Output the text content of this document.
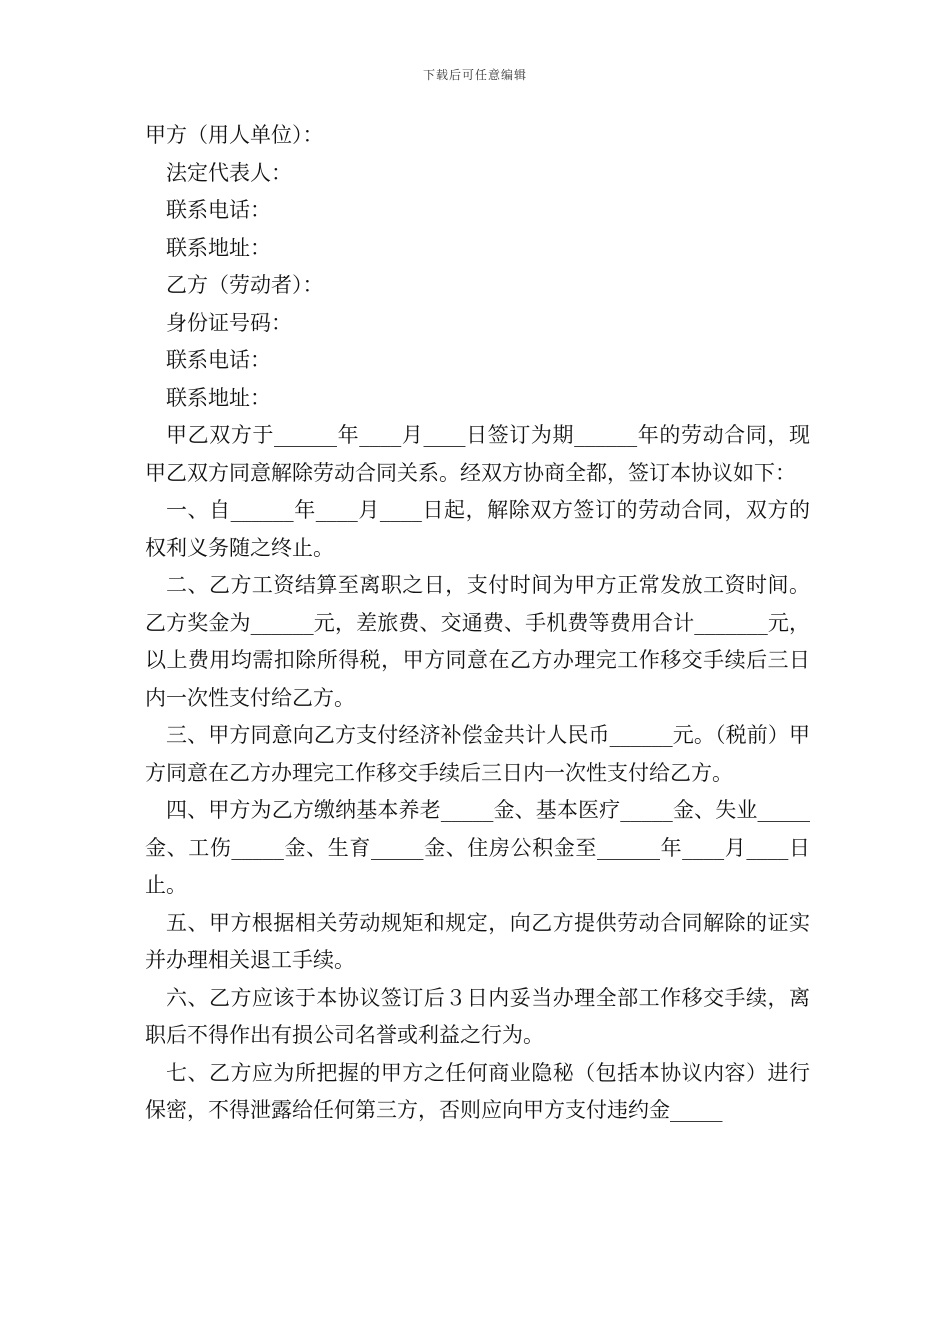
下载后可任意编辑

甲方（用人单位）：

法定代表人：

联系电话：

联系地址：

乙方（劳动者）：

身份证号码：

联系电话：

联系地址：

甲乙双方于______年____月____日签订为期______年的劳动合同，现甲乙双方同意解除劳动合同关系。经双方协商全都，签订本协议如下：

一、自______年____月____日起，解除双方签订的劳动合同，双方的权利义务随之终止。

二、乙方工资结算至离职之日，支付时间为甲方正常发放工资时间。乙方奖金为______元，差旅费、交通费、手机费等费用合计_______元，以上费用均需扣除所得税，甲方同意在乙方办理完工作移交手续后三日内一次性支付给乙方。

三、甲方同意向乙方支付经济补偿金共计人民币______元。（税前）甲方同意在乙方办理完工作移交手续后三日内一次性支付给乙方。

四、甲方为乙方缴纳基本养老_____金、基本医疗_____金、失业_____金、工伤_____金、生育_____金、住房公积金至______年____月____日止。

五、甲方根据相关劳动规矩和规定，向乙方提供劳动合同解除的证实并办理相关退工手续。

六、乙方应该于本协议签订后３日内妥当办理全部工作移交手续，离职后不得作出有损公司名誉或利益之行为。

七、乙方应为所把握的甲方之任何商业隐秘（包括本协议内容）进行保密，不得泄露给任何第三方，否则应向甲方支付违约金_____
